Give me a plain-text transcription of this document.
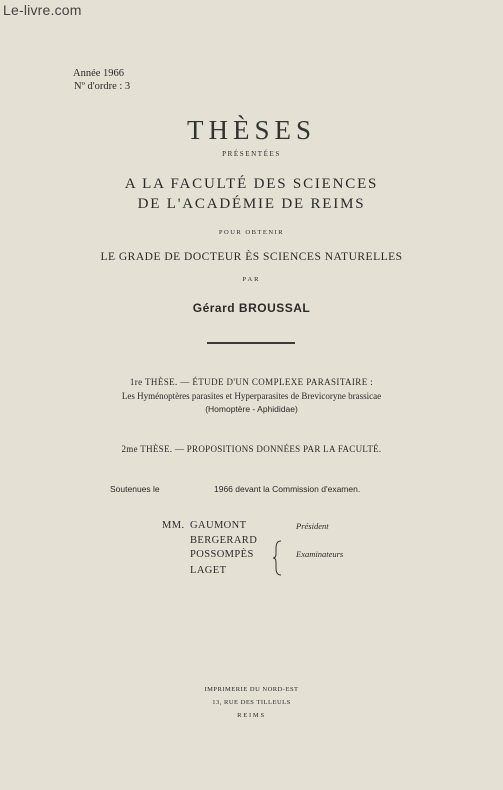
Le-livre.com
Année 1966
Nº d'ordre : 3
THÈSES
PRÉSENTÉES
A LA FACULTÉ DES SCIENCES
DE L'ACADÉMIE DE REIMS
POUR OBTENIR
LE GRADE DE DOCTEUR ÈS SCIENCES NATURELLES
PAR
Gérard BROUSSAL
1re THÈSE. — ÉTUDE D'UN COMPLEXE PARASITAIRE :
Les Hyménoptères parasites et Hyperparasites de Brevicoryne brassicae
(Homoptère - Aphididae)
2me THÈSE. — PROPOSITIONS DONNÉES PAR LA FACULTÉ.
Soutenues le	1966 devant la Commission d'examen.
MM. GAUMONT
BERGERARD
POSSOMPÈS
LAGET
Président
Examinateurs
IMPRIMERIE DU NORD-EST
13, RUE DES TILLEULS
REIMS
